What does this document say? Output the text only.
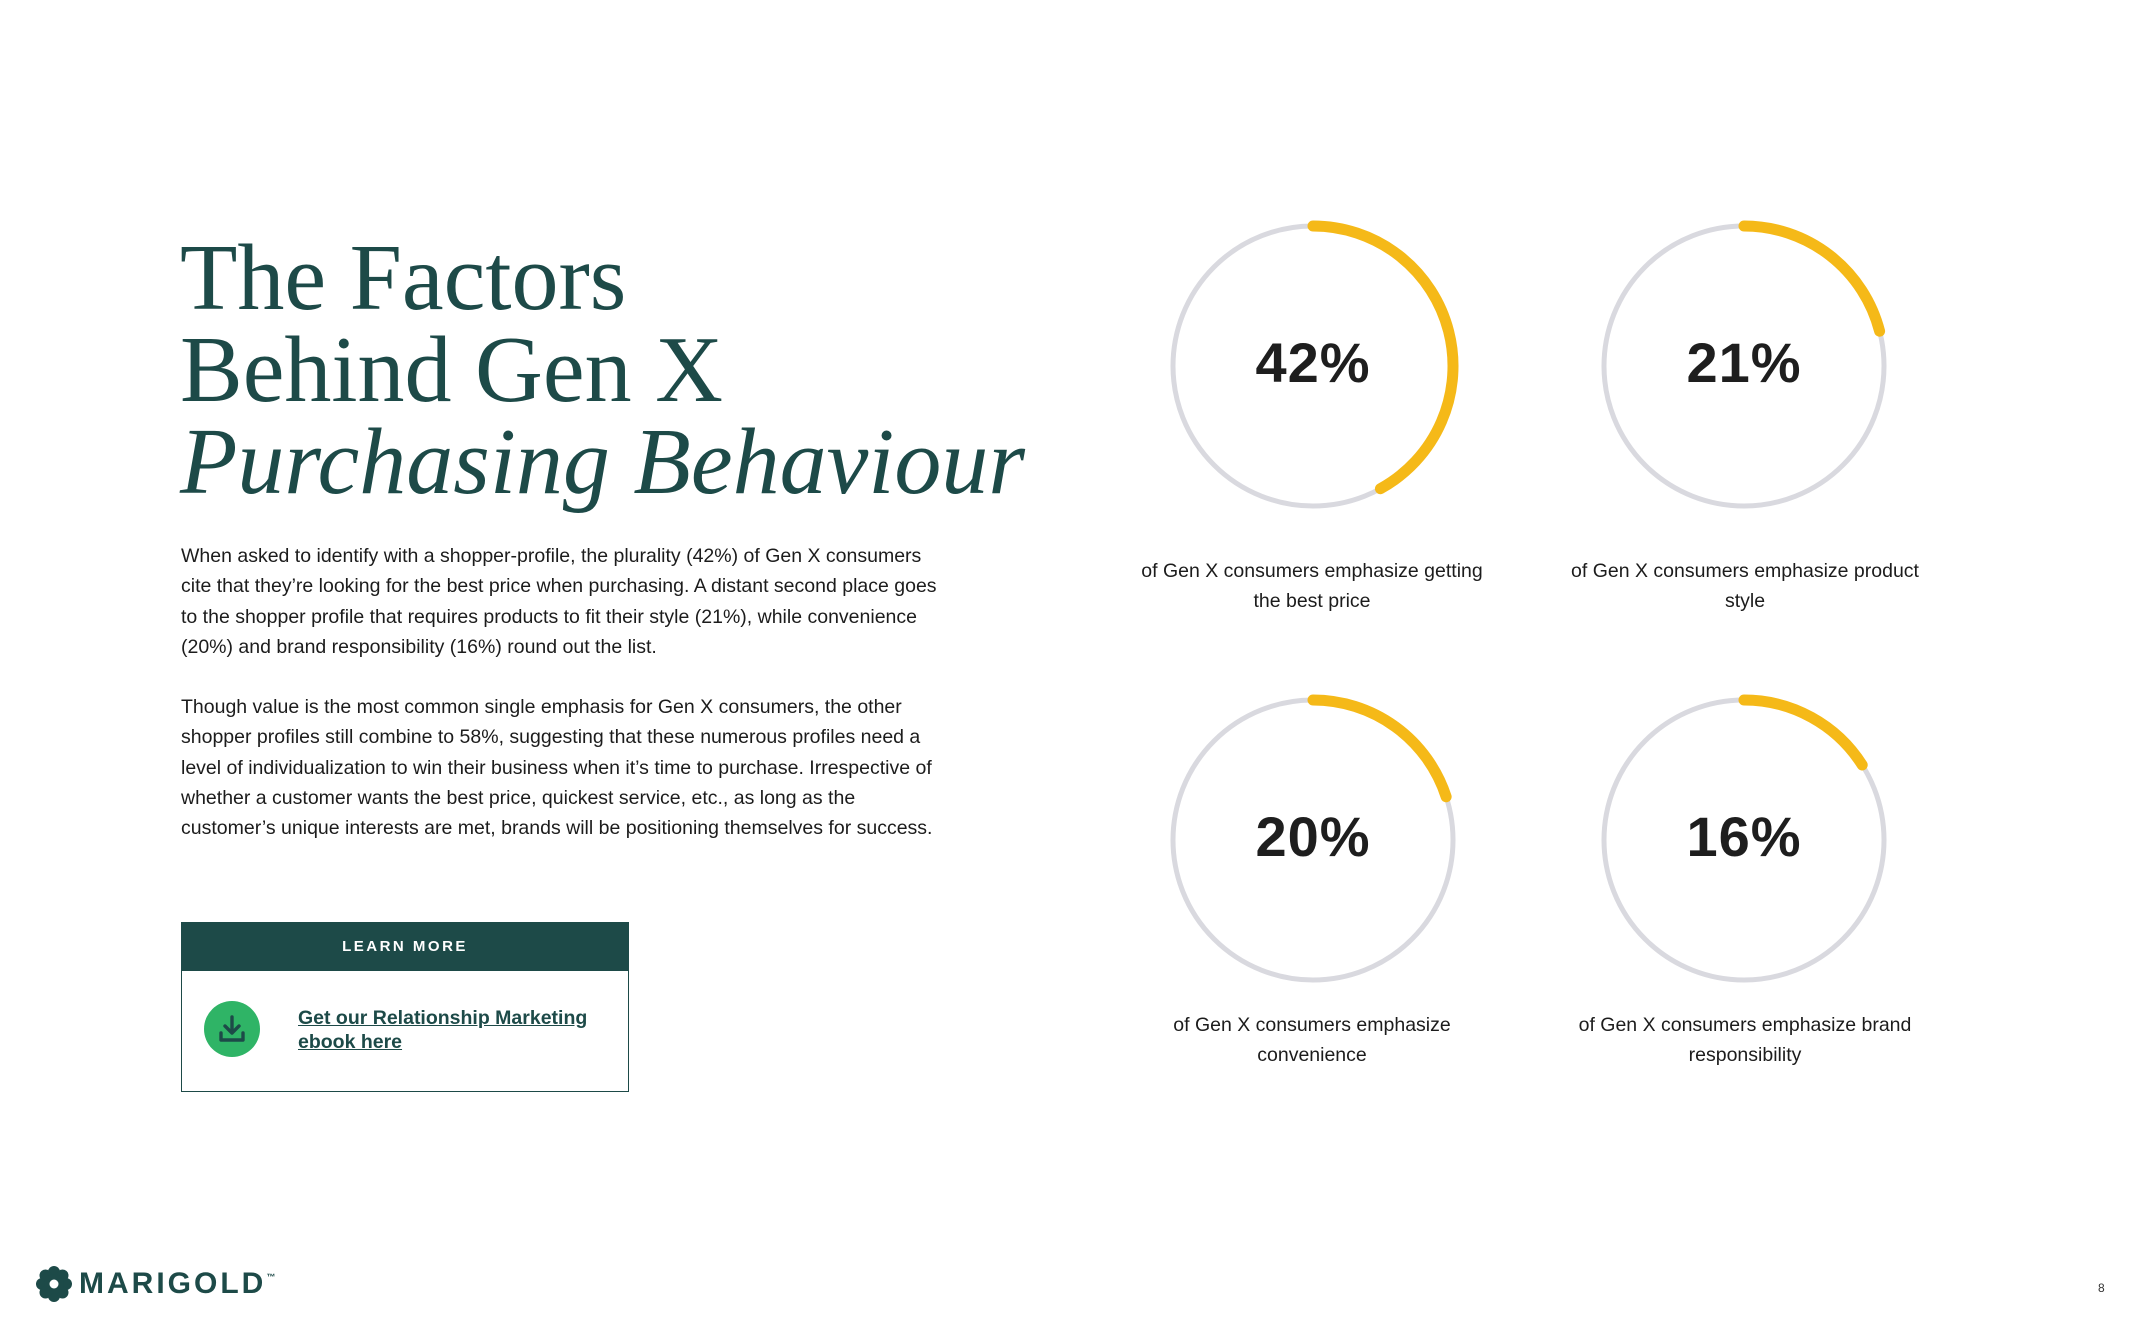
The Factors
Behind Gen X
Purchasing Behaviour

When asked to identify with a shopper-profile, the plurality (42%) of Gen X consumers cite that they’re looking for the best price when purchasing. A distant second place goes to the shopper profile that requires products to fit their style (21%), while convenience (20%) and brand responsibility (16%) round out the list.

Though value is the most common single emphasis for Gen X consumers, the other shopper profiles still combine to 58%, suggesting that these numerous profiles need a level of individualization to win their business when it’s time to purchase. Irrespective of whether a customer wants the best price, quickest service, etc., as long as the customer’s unique interests are met, brands will be positioning themselves for success.

LEARN MORE
Get our Relationship Marketing ebook here
42%

of Gen X consumers emphasize getting the best price

21%

of Gen X consumers emphasize product style

20%

of Gen X consumers emphasize convenience

16%

of Gen X consumers emphasize brand responsibility

MARIGOLD ™
8
